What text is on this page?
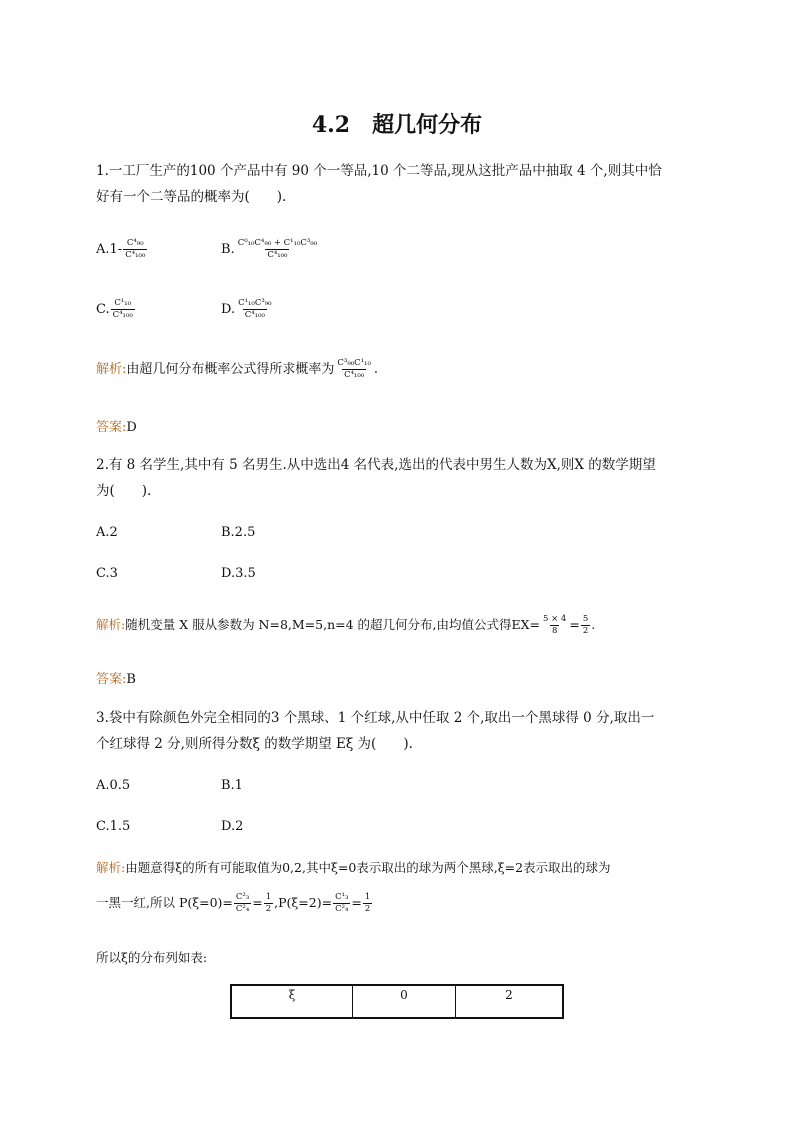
4.2 超几何分布
1.一工厂生产的100 个产品中有 90 个一等品,10 个二等品,现从这批产品中抽取 4 个,则其中恰
好有一个二等品的概率为(　　).
$A.1- \frac{\text{C⁴₉₀}}{\text{C⁴₁₀₀}}$	B. $\frac{\text{C⁰₁₀C⁴₉₀ + C¹₁₀C³₉₀}}{\text{C⁴₁₀₀}}$
C. $\frac{\text{C¹₁₀}}{\text{C⁴₁₀₀}}$	D. $\frac{\text{C¹₁₀C³₉₀}}{\text{C⁴₁₀₀}}$
解析:由超几何分布概率公式得所求概率为 $\frac{\text{C³₉₀C¹₁₀}}{\text{C⁴₁₀₀}}$ .
答案:D
2.有 8 名学生,其中有 5 名男生.从中选出4 名代表,选出的代表中男生人数为X,则X 的数学期望
为(　　).
A.2	B.2.5
C.3	D.3.5
解析:随机变量 X 服从参数为 N=8,M=5,n=4 的超几何分布,由均值公式得$EX= \frac{5 \times 4}{8} = \frac{5}{2}$ .
答案:B
3.袋中有除颜色外完全相同的3 个黑球、1 个红球,从中任取 2 个,取出一个黑球得 0 分,取出一
个红球得 2 分,则所得分数ξ 的数学期望 Eξ 为(　　).
A.0.5	B.1
C.1.5	D.2
解析:由题意得ξ的所有可能取值为0,2,其中ξ=0表示取出的球为两个黑球,ξ=2表示取出的球为
一黑一红,所以 $P(\xi=0)= \frac{\text{C²₃}}{\text{C²₄}} = \frac{1}{2} ,P(\xi=2)= \frac{\text{C¹₃}}{\text{C²₄}} = \frac{1}{2}$
所以ξ的分布列如表:
ξ	0	2
